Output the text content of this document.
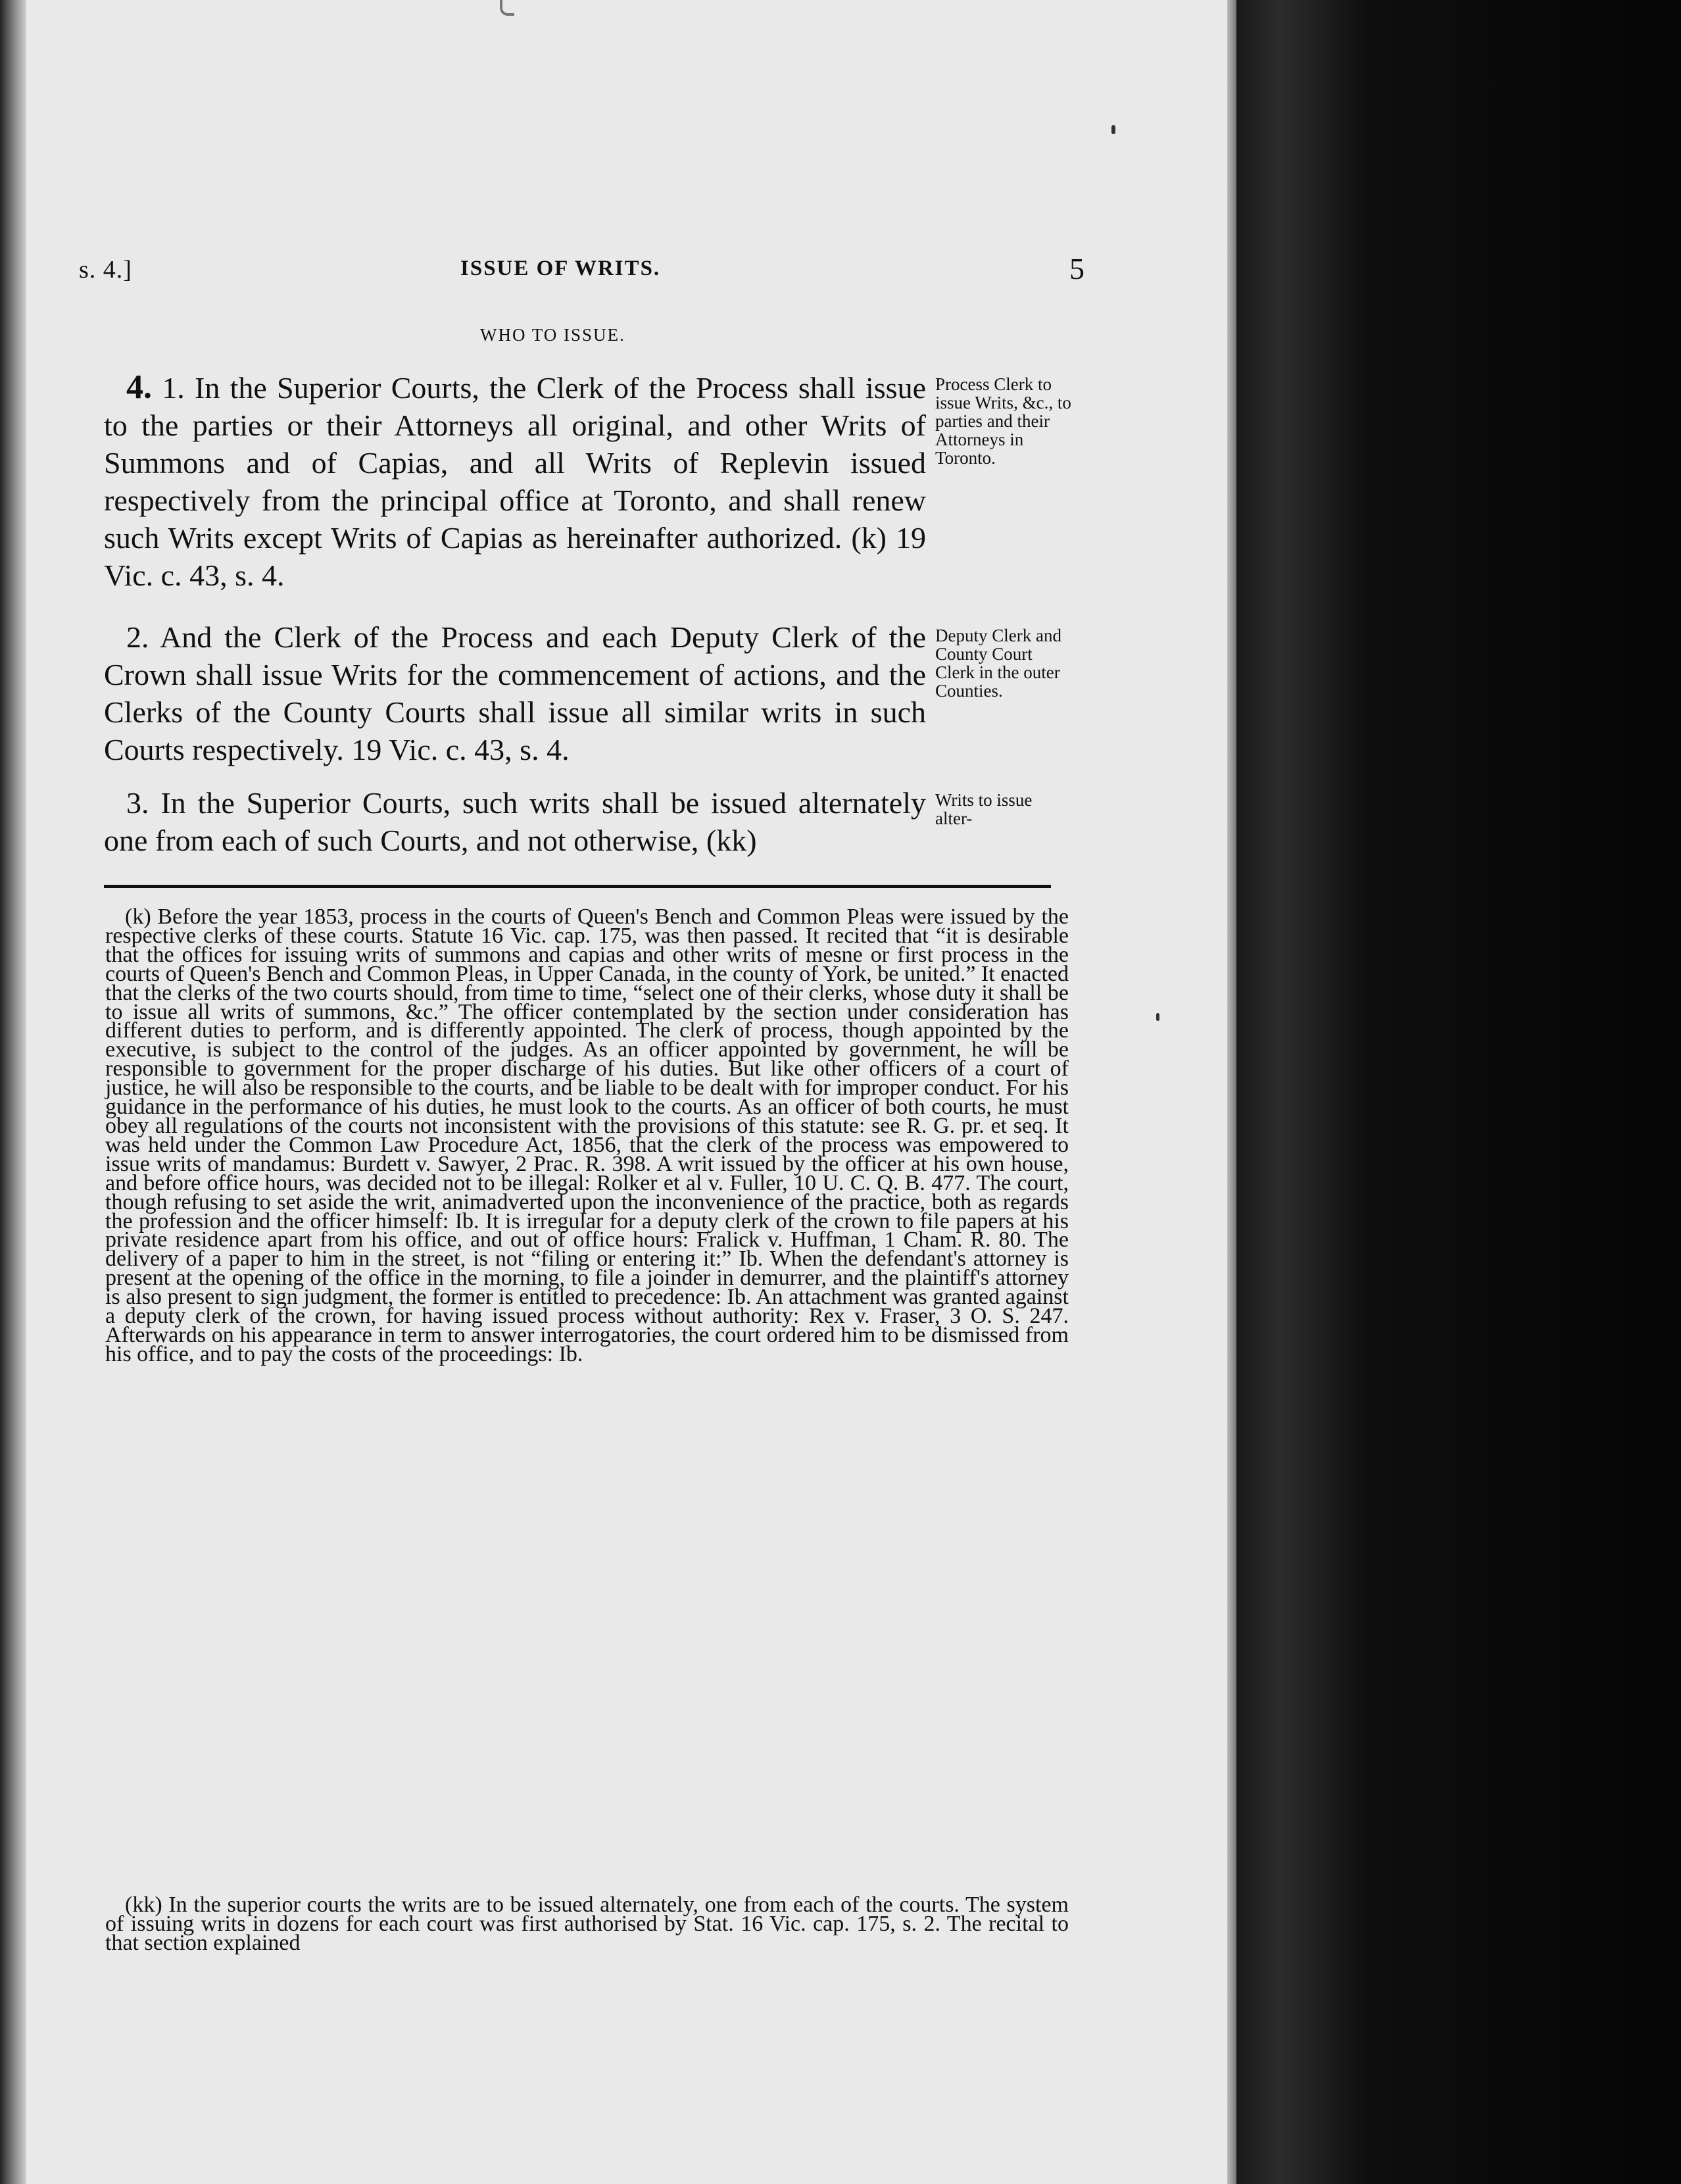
s. 4.]	ISSUE OF WRITS.	5
WHO TO ISSUE.
4. 1. In the Superior Courts, the Clerk of the Process shall issue to the parties or their Attorneys all original, and other Writs of Summons and of Capias, and all Writs of Replevin issued respectively from the principal office at Toronto, and shall renew such Writs except Writs of Capias as hereinafter authorized. (k) 19 Vic. c. 43, s. 4.
2. And the Clerk of the Process and each Deputy Clerk of the Crown shall issue Writs for the commencement of actions, and the Clerks of the County Courts shall issue all similar writs in such Courts respectively. 19 Vic. c. 43, s. 4.
3. In the Superior Courts, such writs shall be issued alternately one from each of such Courts, and not otherwise, (kk)
Process Clerk to issue Writs, &c., to parties and their Attorneys in Toronto.
Deputy Clerk and County Court Clerk in the outer Counties.
Writs to issue alter-
(k) Before the year 1853, process in the courts of Queen's Bench and Common Pleas were issued by the respective clerks of these courts. Statute 16 Vic. cap. 175, was then passed. It recited that “it is desirable that the offices for issuing writs of summons and capias and other writs of mesne or first process in the courts of Queen's Bench and Common Pleas, in Upper Canada, in the county of York, be united.” It enacted that the clerks of the two courts should, from time to time, “select one of their clerks, whose duty it shall be to issue all writs of summons, &c.” The officer contemplated by the section under consideration has different duties to perform, and is differently appointed. The clerk of process, though appointed by the executive, is subject to the control of the judges. As an officer appointed by government, he will be responsible to government for the proper discharge of his duties. But like other officers of a court of justice, he will also be responsible to the courts, and be liable to be dealt with for improper conduct. For his guidance in the performance of his duties, he must look to the courts. As an officer of both courts, he must obey all regulations of the courts not inconsistent with the provisions of this statute: see R. G. pr. et seq. It was held under the Common Law Procedure Act, 1856, that the clerk of the process was empowered to issue writs of mandamus: Burdett v. Sawyer, 2 Prac. R. 398. A writ issued by the officer at his own house, and before office hours, was decided not to be illegal: Rolker et al v. Fuller, 10 U. C. Q. B. 477. The court, though refusing to set aside the writ, animadverted upon the inconvenience of the practice, both as regards the profession and the officer himself: Ib. It is irregular for a deputy clerk of the crown to file papers at his private residence apart from his office, and out of office hours: Fralick v. Huffman, 1 Cham. R. 80. The delivery of a paper to him in the street, is not “filing or entering it:” Ib. When the defendant's attorney is present at the opening of the office in the morning, to file a joinder in demurrer, and the plaintiff's attorney is also present to sign judgment, the former is entitled to precedence: Ib. An attachment was granted against a deputy clerk of the crown, for having issued process without authority: Rex v. Fraser, 3 O. S. 247. Afterwards on his appearance in term to answer interrogatories, the court ordered him to be dismissed from his office, and to pay the costs of the proceedings: Ib.
(kk) In the superior courts the writs are to be issued alternately, one from each of the courts. The system of issuing writs in dozens for each court was first authorised by Stat. 16 Vic. cap. 175, s. 2. The recital to that section explained
